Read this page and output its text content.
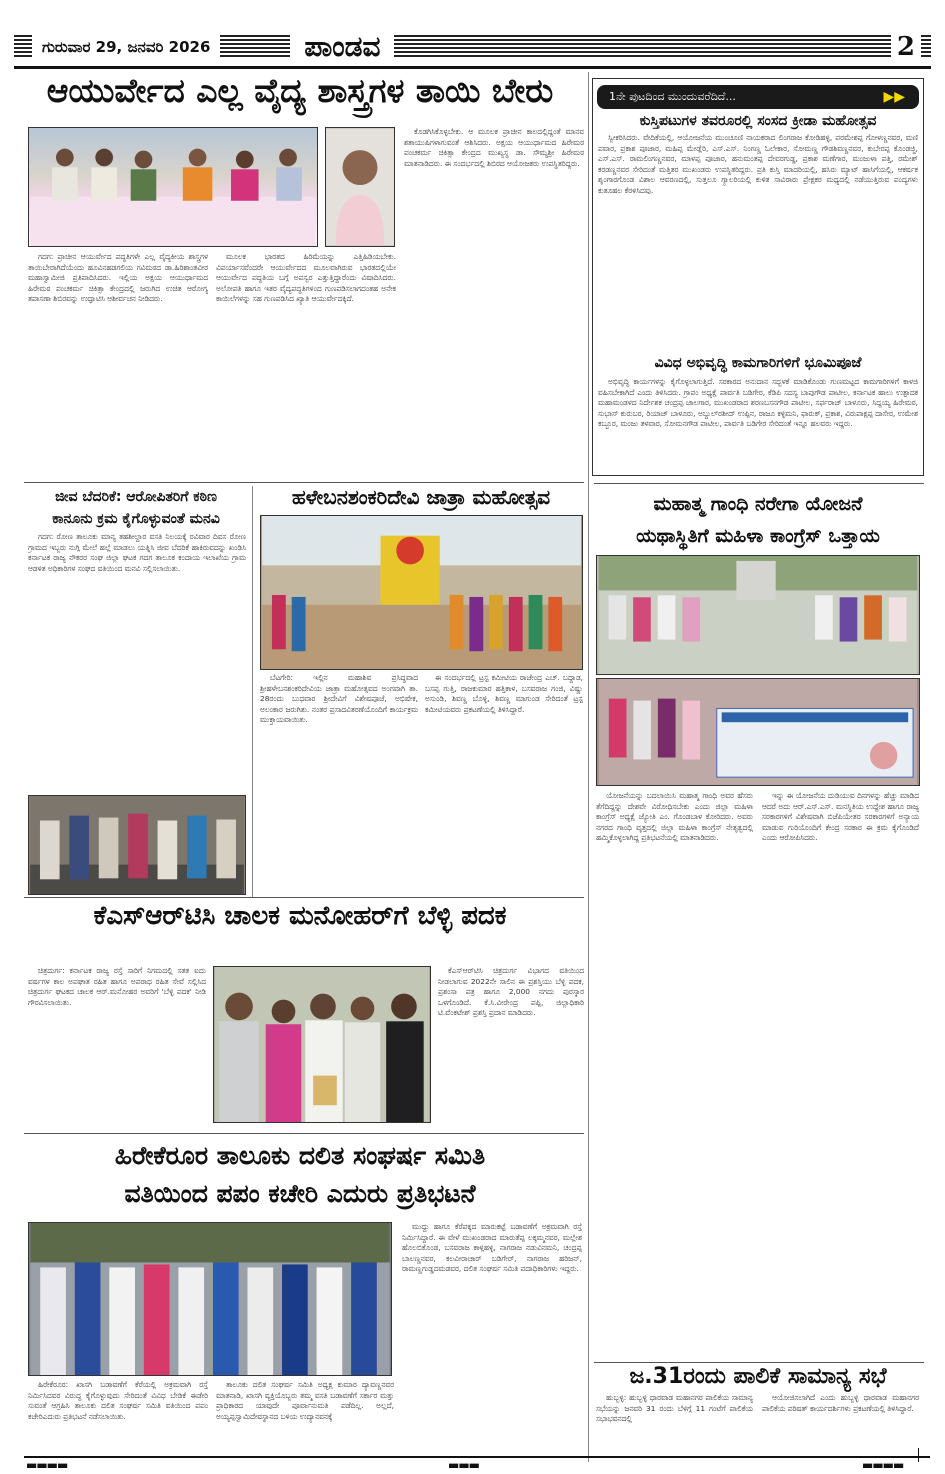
ಗುರುವಾರ 29, ಜನವರಿ 2026	ಪಾಂಡವ	2
ಆಯುರ್ವೇದ ಎಲ್ಲ ವೈದ್ಯ ಶಾಸ್ತ್ರಗಳ ತಾಯಿ ಬೇರು

ಗದಗ: ಪ್ರಾಚೀನ ಆಯುರ್ವೇದ ಪದ್ಧತಿಗಳೇ ಎಲ್ಲ ವೈದ್ಯಕೀಯ ಶಾಸ್ತ್ರಗಳ ತಾಯಿಬೇರಾಗಿದೆಯೆಂದು ಹೂವಿನಹಡಗಲಿಯ ಗವಿಮಠದ ಡಾ.ಹಿರಿಶಾಂತವೀರ ಮಹಾಸ್ವಾಮೀಜಿ ಪ್ರತಿಪಾದಿಸಿದರು. ಇಲ್ಲಿಯ ಅಕ್ಷಯ ಆಯುರ್ಧಾಮದ ಹಿರೇಮಠ ಪಂಚಕರ್ಮ ಚಿಕಿತ್ಸಾ ಕೇಂದ್ರದಲ್ಲಿ ಜರುಗಿದ ಉಚಿತ ಆರೋಗ್ಯ ತಪಾಸಣಾ ಶಿಬಿರವನ್ನು ಉದ್ಘಾಟಿಸಿ ಆಶೀರ್ವಚನ ನೀಡಿದರು.

ಮೂಲಕ ಭಾರತದ ಹಿರಿಮೆಯನ್ನು ಎತ್ತಿಹಿಡಿಯಬೇಕು. ವಿಪರ್ಯಾಸವೆಂದರೇ ಆಯುರ್ವೇದದ ಮೂಲವಾಗಿರುವ ಭಾರತದಲ್ಲಿಯೇ ಆಯುರ್ವೇದ ಪದ್ಧತಿಯ ಬಗ್ಗೆ ಅಪಸ್ವರ ಎತ್ತುತ್ತಿದ್ದಾರೆಂದು ವಿಷಾದಿಸಿದರು. ಅಲೋಪತಿ ಹಾಗೂ ಇತರ ವೈದ್ಯಪದ್ಧತಿಗಳಿಂದ ಗುಣಪಡಿಸಲಾಗದಂತಹ ಅನೇಕ ಕಾಯಿಲೆಗಳನ್ನು ಸಹ ಗುಣಪಡಿಸಿದ ಖ್ಯಾತಿ ಆಯುರ್ವೇದಕ್ಕಿದೆ.

ಕೊಡಗಿಸಿಕೊಳ್ಳಬೇಕು. ಆ ಮೂಲಕ ಪ್ರಾಚೀನ ಕಾಲದಲ್ಲಿದ್ದಂತೆ ಮಾನವ ಶತಾಯುಷಿಗಳಾಗುವಂತೆ ಆಶಿಸಿದರು. ಅಕ್ಷಯ ಆಯುರ್ಧಾಮದ ಹಿರೇಮಠ ಪಂಚಕರ್ಮ ಚಿಕಿತ್ಸಾ ಕೇಂದ್ರದ ಮುಖ್ಯಸ್ಥ ಡಾ. ಸೌಮ್ಯಶ್ರೀ ಹಿರೇಮಠ ಮಾತನಾಡಿದರು. ಈ ಸಂದರ್ಭದಲ್ಲಿ ಶಿಬಿರದ ಆಯೋಜಕರು ಉಪಸ್ಥಿತರಿದ್ದರು.

1ನೇ ಪುಟದಿಂದ ಮುಂದುವರೆದಿದೆ...	▶▶
ಕುಸ್ತಿಪಟುಗಳ ತವರೂರಲ್ಲಿ ಸಂಸದ ಕ್ರೀಡಾ ಮಹೋತ್ಸವ

ಸ್ವೀಕರಿಸಿದರು. ವೇದಿಕೆಯಲ್ಲಿ, ಆಯೋಜನೆಯ ಮುಂಚೂಣಿ ನಾಯಕರಾದ ಲಿಂಗರಾಜ ಕೋಡಿಹಳ್ಳಿ, ಪರಮೇಶಪ್ಪ ಗೋಳಣ್ಣನವರ, ಮಣಿ ಪವಾರ, ಪ್ರಕಾಶ ಪೂಜಾರ, ಮಹಿಪ್ಪ ಮೇಡ್ಲೆರಿ, ಎಸ್.ಎಸ್. ನಿಂಗಣ್ಣ ಓಲೇಕಾರ, ಸೋಮಣ್ಣ ಗೌಡಶಿವಣ್ಣನವರ, ಕುಬೇರಪ್ಪ ಕೊಂಡಜ್ಜಿ, ಎಸ್.ಎಸ್. ರಾಮಲಿಂಗಣ್ಣನವರ, ಮಾಳಪ್ಪ ಪೂಜಾರ, ಹನುಮಂತಪ್ಪ ದೇವರಗುಡ್ಡ, ಪ್ರಕಾಶ ಮಣೆಗಾರ, ಮಂಜುಳಾ ಪತ್ತಿ, ರಮೇಶ್ ಕರಡಣ್ಣನವರ ಸೇರಿದಂತೆ ಮತ್ತಿತರ ಮುಖಂಡರು ಉಪಸ್ಥಿತರಿದ್ದರು. ಪ್ರತಿ ಕುಸ್ತಿ ಮಾದರಿಯಲ್ಲಿ, ಹಸಿರು ಮ್ಯಾಟ್ ಹಾಸಿಗೆಯಲ್ಲಿ, ಆಕರ್ಷಕ ಶೃಂಗಾರಗೊಂಡ ವಿಶಾಲ ಆವರಣದಲ್ಲಿ, ಸುತ್ತಲೂ ಗ್ಯಾಲರಿಯಲ್ಲಿ ಕುಳಿತ ಸಾವಿರಾರು ಪ್ರೇಕ್ಷಕರ ಮಧ್ಯದಲ್ಲಿ ನಡೆಯುತ್ತಿರುವ ಪಂದ್ಯಗಳು ಕುತೂಹಲ ಕೆರಳಿಸಿದವು.

ವಿವಿಧ ಅಭಿವೃದ್ಧಿ ಕಾಮಗಾರಿಗಳಿಗೆ ಭೂಮಿಪೂಜೆ

ಅಭಿವೃದ್ಧಿ ಕಾರ್ಯಗಳನ್ನು ಕೈಗೊಳ್ಳಲಾಗುತ್ತಿದೆ. ಸರಕಾರದ ಅನುದಾನ ಸದ್ಬಳಕೆ ಮಾಡಿಕೊಂಡು ಗುಣಮಟ್ಟದ ಕಾಮಗಾರಿಗಳಿಗೆ ಕಾಳಜಿ ವಹಿಸಬೇಕಾಗಿದೆ ಎಂದು ತಿಳಿಸಿದರು. ಗ್ರಾಪಂ ಅಧ್ಯಕ್ಷೆ ಪಾರ್ವತಿ ಬಡಿಗೇರ, ಕೆಡಿಪಿ ಸದಸ್ಯ ಬಾಪುಗೌಡ ಪಾಟೀಲ, ಕರ್ನಾಟಕ ಹಾಲು ಉತ್ಪಾದಕ ಮಹಾಮಂಡಳದ ನಿರ್ದೇಶಕ ಚಂದ್ರಪ್ಪ ಜಾಲಗಾರ, ಮುಖಂಡರಾದ ಶರಣಬಸನಗೌಡ ಪಾಟೀಲ, ಸರ್ಫರಾಜ್ ಬಾಳೂರು, ಸಿದ್ದಯ್ಯ ಹಿರೇಮಠ, ಸುಭಾಸ್ ಕುರುಬರ, ರಿಯಾಜ್ ಬಾಳೂರು, ಅಬ್ದುಲ್‌ರಶೀದ್ ಉಪ್ಪಿನ, ರಾಜೂ ಕಳ್ಳಿಮನಿ, ಫಾರುಕ್, ಪ್ರಕಾಶ, ವಿರುಪಾಕ್ಷಪ್ಪ ದಾಸೇರ, ಉಮೇಶ ಕಬ್ಬೂರ, ಮಂಜು ತಳವಾರ, ಸೋಮನಗೌಡ ಪಾಟೀಲ, ಪಾರ್ವತಿ ಬಡಿಗೇರ ಸೇರಿದಂತೆ ಇನ್ನೂ ಹಲವರು ಇದ್ದರು.

ಜೀವ ಬೆದರಿಕೆ: ಆರೋಪಿತರಿಗೆ ಕಠಿಣ
ಕಾನೂನು ಕ್ರಮ ಕೈಗೊಳ್ಳುವಂತೆ ಮನವಿ

ಗದಗ: ರೋಣ ತಾಲೂಕು ಮಾನ್ಯ ತಹಶೀಲ್ದಾರ ವಸತಿ ನಿಲಯಕ್ಕೆ ರವಿವಾರ ದಿವಸ ರೋಣ ಗ್ರಾಮದ ಇಬ್ಬರು ನುಗ್ಗಿ ಮೇಲೆ ಹಲ್ಲೆ ಮಾಡಲು ಯತ್ನಿಸಿ ಜೀವ ಬೆದರಿಕೆ ಹಾಕಿರುವದನ್ನು ಖಂಡಿಸಿ ಕರ್ನಾಟಕ ರಾಜ್ಯ ನೌಕರರ ಸಂಘ ಜಿಲ್ಲಾ ಘಟಕ ಗದಗ ತಾಲೂಕ ಕಂದಾಯ ಇಲಾಖೆಯ ಗ್ರಾಮ ಆಡಳಿತ ಅಧಿಕಾರಿಗಳ ಸಂಘದ ವತಿಯಿಂದ ಮನವಿ ಸಲ್ಲಿಸಲಾಯಿತು.

ಹಳೇಬನಶಂಕರಿದೇವಿ ಜಾತ್ರಾ ಮಹೋತ್ಸವ

ಬೆಟಗೇರಿ: ಇಲ್ಲಿನ ಮಹಾಶಿವ ಪ್ರಸಿದ್ಧವಾದ ಶ್ರೀಹಳೇಬನಶಂಕರಿದೇವಿಯ ಜಾತ್ರಾ ಮಹೋತ್ಸವದ ಅಂಗವಾಗಿ ತಾ. 28ರಂದು ಬುಧವಾರ ಶ್ರೀದೇವಿಗೆ ವಿಶೇಷಪೂಜೆ, ಅಭಿಷೇಕ, ಅಲಂಕಾರ ಜರುಗಿತು. ನಂತರ ಪ್ರಸಾದವಿತರಣೆಯೊಂದಿಗೆ ಕಾರ್ಯಕ್ರಮ ಮುಕ್ತಾಯವಾಯಿತು.

ಈ ಸಂದರ್ಭದಲ್ಲಿ ಟ್ರಸ್ಟ ಕಮೀಟಿಯ ರಾಜೇಂದ್ರ ಎಚ್. ಬದ್ದಾಡ, ಬಸಪ್ಪ ಗುತ್ತಿ, ರಾಜಕುಮಾರ ಹತ್ತಿಕಾಳ, ಬಸವರಾಜ ಗಂಜಿ, ವಿಷ್ಣು ಅಸುಂಡಿ, ಶಿವಣ್ಣ ಬೊಳ್ಳಿ, ಶಿವಣ್ಣ ಮಾಗುಂಡ ಸೇರಿದಂತೆ ಟ್ರಸ್ಟ ಕಮೀಟಿಯವರು ಪ್ರಕಟಣೆಯಲ್ಲಿ ತಿಳಿಸಿದ್ದಾರೆ.

ಮಹಾತ್ಮ ಗಾಂಧಿ ನರೇಗಾ ಯೋಜನೆ
ಯಥಾಸ್ಥಿತಿಗೆ ಮಹಿಳಾ ಕಾಂಗ್ರೆಸ್ ಒತ್ತಾಯ

ಯೋಜನೆಯನ್ನು ಬದಲಾಯಿಸಿ ಮಹಾತ್ಮ ಗಾಂಧಿ ಅವರ ಹೆಸರು ತೆಗೆದಿದ್ದನ್ನು ದೇಶವೇ ವಿರೋಧಿಸಬೇಕು ಎಂದು ಜಿಲ್ಲಾ ಮಹಿಳಾ ಕಾಂಗ್ರೆಸ್ ಅಧ್ಯಕ್ಷೆ ಜ್ಯೋತಿ ಎಂ. ಗೊಂಡಬಾಳ ಕೋರಿದರು. ಅವರು ನಗರದ ಗಾಂಧಿ ವೃತ್ತದಲ್ಲಿ ಜಿಲ್ಲಾ ಮಹಿಳಾ ಕಾಂಗ್ರೆಸ್ ನೇತೃತ್ವದಲ್ಲಿ ಹಮ್ಮಿಕೊಳ್ಳಲಾಗಿದ್ದ ಪ್ರತಿಭಟನೆಯಲ್ಲಿ ಮಾತನಾಡಿದರು.

ಇನ್ನು ಈ ಯೋಜನೆಯ ದುಡಿಯುವ ದಿನಗಳನ್ನು ಹೆಚ್ಚು ಮಾಡಿದ ಆದರೆ ಅದು ಆರ್.ಎಸ್.ಎಸ್. ಮನಸ್ಥಿತಿಯ ಉದ್ದೇಶ ಹಾಗೂ ರಾಜ್ಯ ಸರಕಾರಗಳಿಗೆ ವಿಶೇಷವಾಗಿ ಬಿಜೆಪಿಯೇತರ ಸರಕಾರಗಳಿಗೆ ಅನ್ಯಾಯ ಮಾಡುವ ಗುರಿಯೊಂದಿಗೆ ಕೇಂದ್ರ ಸರಕಾರ ಈ ಕ್ರಮ ಕೈಗೊಂಡಿದೆ ಎಂದು ಆರೋಪಿಸಿದರು.

ಕೆಎಸ್‌ಆರ್‌ಟಿಸಿ ಚಾಲಕ ಮನೋಹರ್‌ಗೆ ಬೆಳ್ಳಿ ಪದಕ

ಚಿತ್ರದುರ್ಗ: ಕರ್ನಾಟಕ ರಾಜ್ಯ ರಸ್ತೆ ಸಾರಿಗೆ ನಿಗಮದಲ್ಲಿ ಸತತ ಐದು ವರ್ಷಗಳ ಕಾಲ ಅಪಘಾತ ರಹಿತ ಹಾಗೂ ಅಪರಾಧ ರಹಿತ ಸೇವೆ ಸಲ್ಲಿಸಿದ ಚಿತ್ರದುರ್ಗ ಘಟಕದ ಚಾಲಕ ಆರ್.ಮನೋಹರ ಅವರಿಗೆ 'ಬೆಳ್ಳಿ ಪದಕ' ನೀಡಿ ಗೌರವಿಸಲಾಯಿತು.

ಕೆಎಸ್‌ಆರ್‌ಟಿಸಿ ಚಿತ್ರದುರ್ಗ ವಿಭಾಗದ ವತಿಯಿಂದ ನೀಡಲಾಗುವ 2022ನೇ ಸಾಲಿನ ಈ ಪ್ರಶಸ್ತಿಯು ಬೆಳ್ಳಿ ಪದಕ, ಪ್ರಶಂಸಾ ಪತ್ರ ಹಾಗೂ 2,000 ನಗದು ಪುರಸ್ಕಾರ ಒಳಗೊಂಡಿದೆ. ಕೆ.ಸಿ.ವೀರೇಂದ್ರ ಪಪ್ಪಿ, ಜಿಲ್ಲಾಧಿಕಾರಿ ಟಿ.ವೆಂಕಟೇಶ್ ಪ್ರಶಸ್ತಿ ಪ್ರದಾನ ಮಾಡಿದರು.

ಹಿರೇಕೆರೂರ ತಾಲೂಕು ದಲಿತ ಸಂಘರ್ಷ ಸಮಿತಿ
ವತಿಯಿಂದ ಪಪಂ ಕಚೇರಿ ಎದುರು ಪ್ರತಿಭಟನೆ

ಹಿರೇಕೆರೂರ: ಖಾಸಗಿ ಬಡಾವಣೆಗೆ ಕೆರೆಯಲ್ಲಿ ಅಕ್ರಮವಾಗಿ ರಸ್ತೆ ನಿರ್ಮಿಸಿದವರ ವಿರುದ್ಧ ಕೈಗೊಳ್ಳುವುದು ಸೇರಿದಂತೆ ವಿವಿಧ ಬೇಡಿಕೆ ಈಡೇರಿ ಸುವಂತೆ ಆಗ್ರಹಿಸಿ ತಾಲೂಕು ದಲಿತ ಸಂಘರ್ಷ ಸಮಿತಿ ವತಿಯಿಂದ ಪಪಂ ಕಚೇರಿಎದುರು ಪ್ರತಿಭಟನೆ ನಡೆಸಲಾಯಿತು.

ತಾಲೂಕು ದಲಿತ ಸಂಘರ್ಷ ಸಮಿತಿ ಅಧ್ಯಕ್ಷ ಕುಮಾರ ದ್ಯಾವಣ್ಣನವರ ಮಾತನಾಡಿ, ಖಾಸಗಿ ವ್ಯಕ್ತಿಯೊಬ್ಬರು ತಮ್ಮ ವಸತಿ ಬಡಾವಣೆಗೆ ಸರ್ಕಾರ ಮತ್ತು ಪ್ರಾಧಿಕಾರದ ಯಾವುದೇ ಪೂರ್ವಾನುಮತಿ ಪಡೆದಿಲ್ಲ. ಅಲ್ಲದೆ, ಅಯ್ಯಪ್ಪಸ್ವಾಮಿದೇವಸ್ಥಾನದ ಬಳಿಯ ಉದ್ಯಾನವನಕ್ಕೆ

ಮುದ್ದು ಹಾಗೂ ಕೆರೆಪಕ್ಕದ ಮಾರುಕಟ್ಟೆ ಬಡಾವಣೆಗೆ ಅಕ್ರಮವಾಗಿ ರಸ್ತೆ ನಿರ್ಮಿಸಿದ್ದಾರೆ. ಈ ವೇಳೆ ಮುಖಂಡರಾದ ಮಾರುತೆಪ್ಪ ಲಕ್ಕಮ್ಮನವರ, ಮಲ್ಲೇಶ ಹೊಲಬಿಕೊಂಡ, ಬಸವರಾಜ ಕಾಳ್ಗಿಹಳ್ಳಿ, ನಾಗರಾಜ ನಡುವಿನಮನಿ, ಚಂದ್ರಪ್ಪ ಬಾಲಣ್ಣನವರ, ಕಲವೀರಾಚಾರ್ ಬಡಿಗೇರ್, ನಾಗರಾಜ ಹರಿಜನ್, ರಾಮಣ್ಣಗುಡ್ಡದಮಡವರ, ದಲಿತ ಸಂಘರ್ಷ ಸಮಿತಿ ಪದಾಧಿಕಾರಿಗಳು ಇದ್ದರು.

ಜ.31ರಂದು ಪಾಲಿಕೆ ಸಾಮಾನ್ಯ ಸಭೆ

ಹುಬ್ಬಳ್ಳಿ: ಹುಬ್ಬಳ್ಳಿ ಧಾರವಾಡ ಮಹಾನಗರ ಪಾಲಿಕೆಯ ಸಾಮಾನ್ಯ ಸಭೆಯನ್ನು ಜನವರಿ 31 ರಂದು ಬೆಳಿಗ್ಗೆ 11 ಗಂಟೆಗೆ ಪಾಲಿಕೆಯ ಸಭಾಭವನದಲ್ಲಿ

ಆಯೋಜಿಸಲಾಗಿದೆ ಎಂದು ಹುಬ್ಬಳ್ಳಿ ಧಾರವಾಡ ಮಹಾನಗರ ಪಾಲಿಕೆಯ ಪರಿಷತ್ ಕಾರ್ಯದರ್ಶಿಗಳು ಪ್ರಕಟಣೆಯಲ್ಲಿ ತಿಳಿಸಿದ್ದಾರೆ.

▬▬▬▬	▬▬▬	▬▬▬▬
